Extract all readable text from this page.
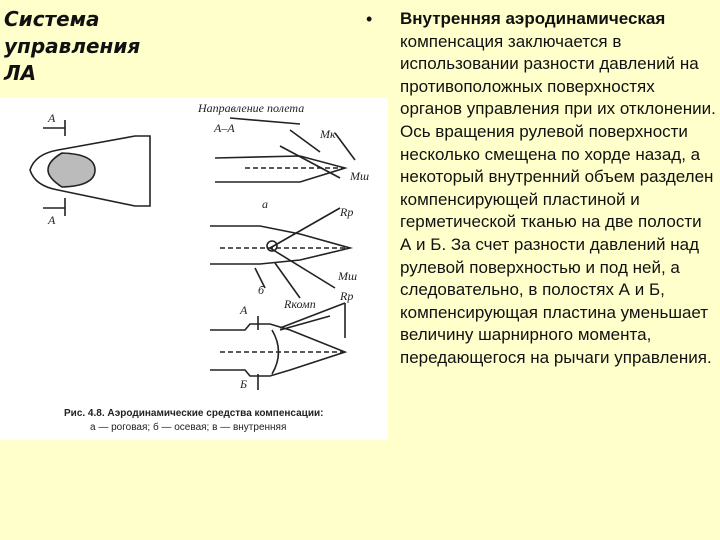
Система
управления
ЛА
Направление полета
А–А
А
А
Mк
Mш
а
Rр
Mш
б
Rкомп
Rр
А
Б
Рис. 4.8. Аэродинамические средства компенсации:
а — роговая; б — осевая; в — внутренняя
• Внутренняя аэродинамическая компенсация заключается в использовании разности давлений на противоположных поверхностях органов управления при их отклонении. Ось вращения рулевой поверхности несколько смещена по хорде назад, а некоторый внутренний объем разделен компенсирующей пластиной и герметической тканью на две полости А и Б. За счет разности давлений над рулевой поверхностью и под ней, а следовательно, в полостях А и Б, компенсирующая пластина уменьшает величину шарнирного момента, передающегося на рычаги управления.
